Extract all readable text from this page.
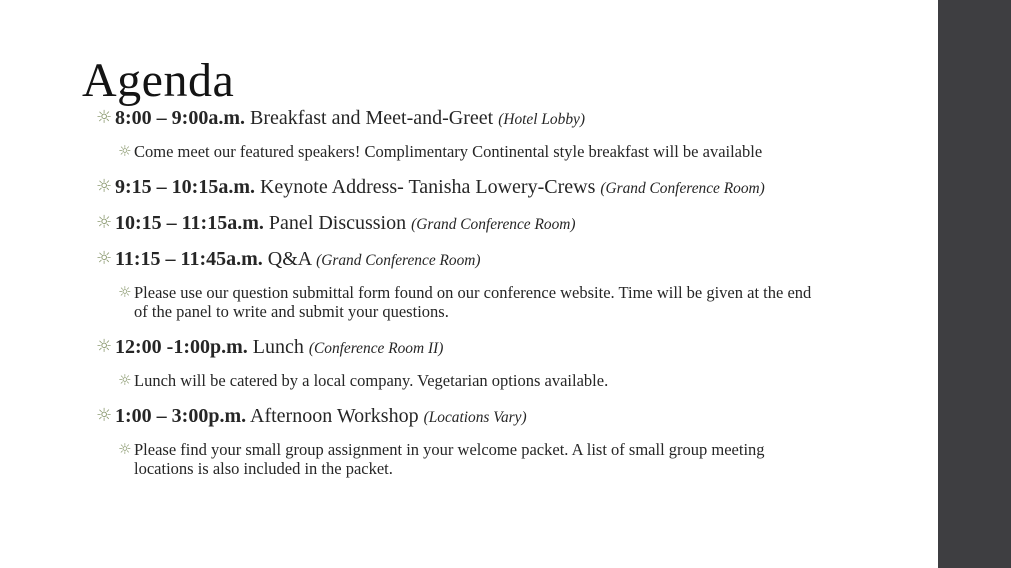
Agenda
☼ 8:00 – 9:00a.m. Breakfast and Meet-and-Greet (Hotel Lobby)
☼ Come meet our featured speakers! Complimentary Continental style breakfast will be available
☼ 9:15 – 10:15a.m. Keynote Address- Tanisha Lowery-Crews (Grand Conference Room)
☼ 10:15 – 11:15a.m. Panel Discussion (Grand Conference Room)
☼ 11:15 – 11:45a.m. Q&A (Grand Conference Room)
☼ Please use our question submittal form found on our conference website. Time will be given at the end of the panel to write and submit your questions.
☼ 12:00 -1:00p.m. Lunch (Conference Room II)
☼ Lunch will be catered by a local company. Vegetarian options available.
☼ 1:00 – 3:00p.m. Afternoon Workshop (Locations Vary)
☼ Please find your small group assignment in your welcome packet. A list of small group meeting locations is also included in the packet.
